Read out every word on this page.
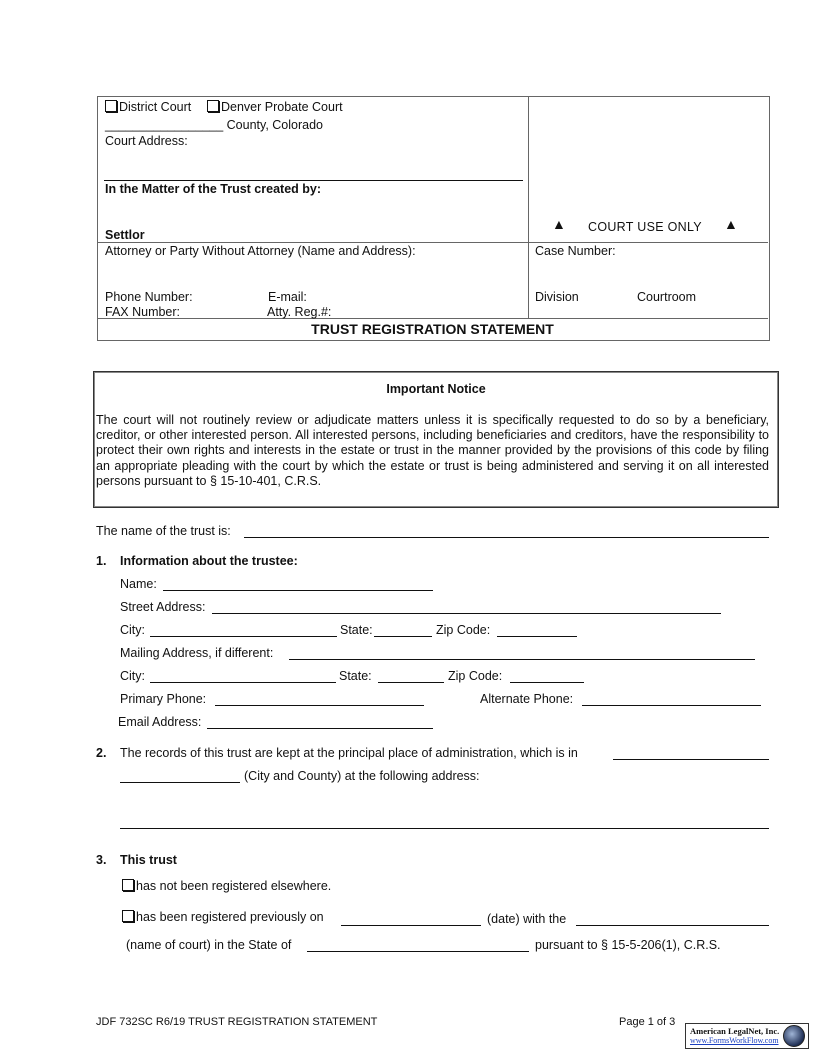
District Court	Denver Probate Court
_________________ County, Colorado
Court Address:
In the Matter of the Trust created by:
Settlor
▲ COURT USE ONLY ▲
Attorney or Party Without Attorney (Name and Address):
Phone Number:	E-mail:
FAX Number:	Atty. Reg.#:
Case Number:
Division	Courtroom
TRUST REGISTRATION STATEMENT
Important Notice
The court will not routinely review or adjudicate matters unless it is specifically requested to do so by a beneficiary, creditor, or other interested person. All interested persons, including beneficiaries and creditors, have the responsibility to protect their own rights and interests in the estate or trust in the manner provided by the provisions of this code by filing an appropriate pleading with the court by which the estate or trust is being administered and serving it on all interested persons pursuant to § 15-10-401, C.R.S.
The name of the trust is:
1. Information about the trustee:
Name:
Street Address:
City:	State:	Zip Code:
Mailing Address, if different:
City:	State:	Zip Code:
Primary Phone:	Alternate Phone:
Email Address:
2. The records of this trust are kept at the principal place of administration, which is in
(City and County) at the following address:
3. This trust
has not been registered elsewhere.
has been registered previously on	(date) with the
(name of court) in the State of	pursuant to § 15-5-206(1), C.R.S.
JDF 732SC R6/19 TRUST REGISTRATION STATEMENT	Page 1 of 3
American LegalNet, Inc.
www.FormsWorkFlow.com
